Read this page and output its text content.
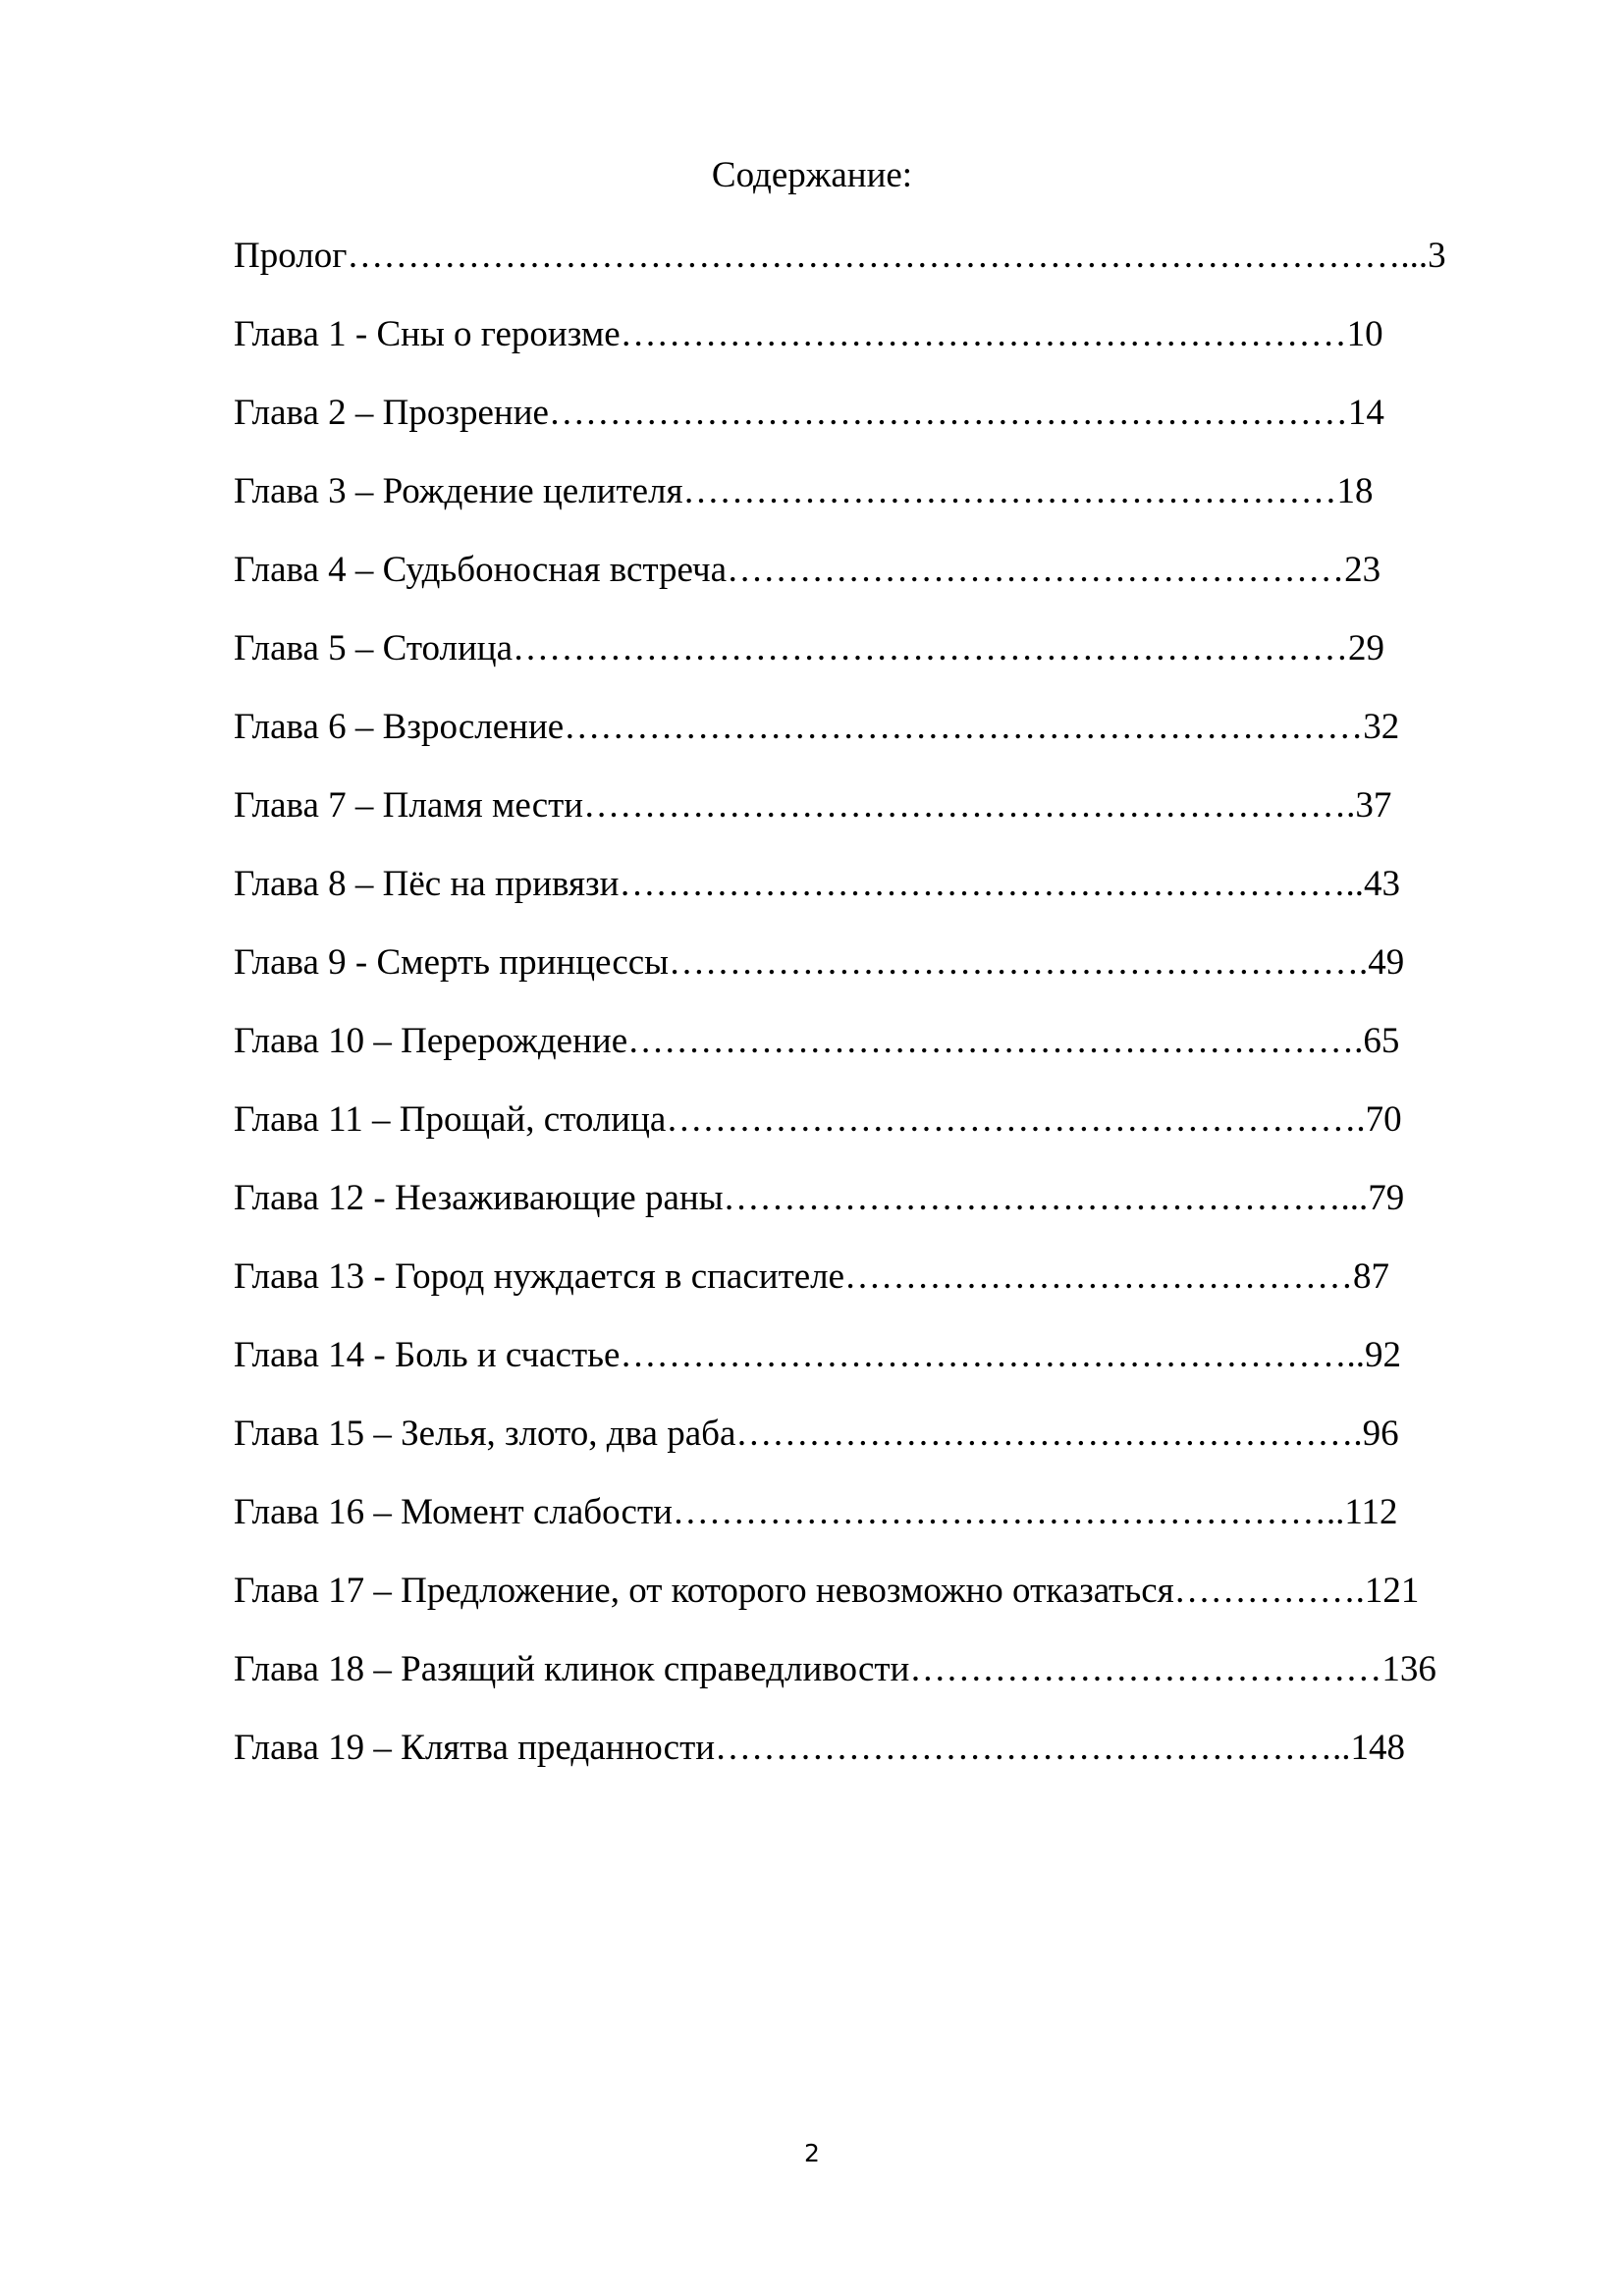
Содержание:
Пролог……………………………………………………………………………...3
Глава 1 - Сны о героизме……………………………………………………10
Глава 2 – Прозрение…………………………………………………………14
Глава 3 – Рождение целителя………………………………………………18
Глава 4 – Судьбоносная встреча……………………………………………23
Глава 5 – Столица……………………………………………………………29
Глава 6 – Взросление…………………………………………………………32
Глава 7 – Пламя мести……………………………………………………….37
Глава 8 – Пёс на привязи……………………………………………………..43
Глава 9 - Смерть принцессы………………………………………………….49
Глава 10 – Перерождение…………………………………………………….65
Глава 11 – Прощай, столица………………………………………………….70
Глава 12 - Незаживающие раны……………………………………………...79
Глава 13 - Город нуждается в спасителе……………………………………87
Глава 14 - Боль и счастье……………………………………………………..92
Глава 15 – Зелья, злото, два раба…………………………………………….96
Глава 16 – Момент слабости………………………………………………..112
Глава 17 – Предложение, от которого невозможно отказаться…………….121
Глава 18 – Разящий клинок справедливости…………………………………136
Глава 19 – Клятва преданности……………………………………………..148
2
